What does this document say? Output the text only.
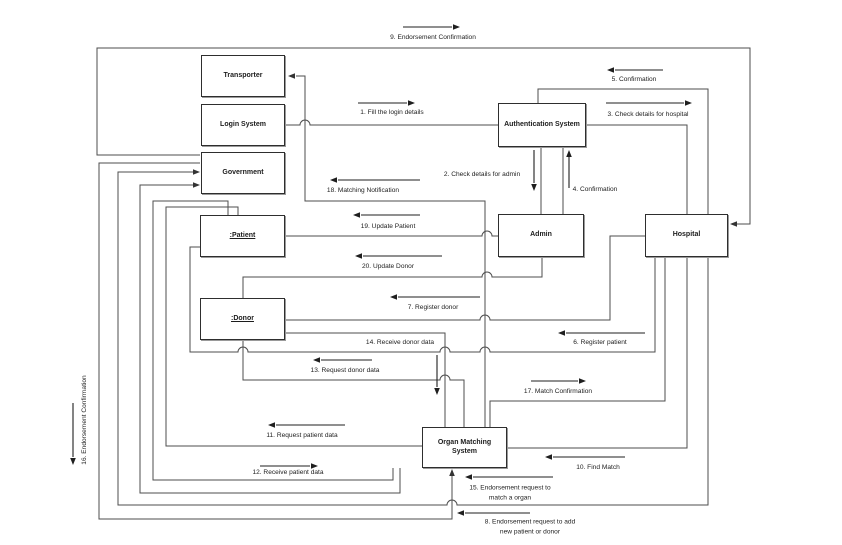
Transporter
Login System
Government
:Patient
:Donor
Authentication System
Admin	Hospital
Organ Matching System
1. Fill the login details
2. Check details for admin
3. Check details for hospital
4. Confirmation
5. Confirmation
6. Register patient
7. Register donor
8. Endorsement request to add
new patient or donor
9. Endorsement Confirmation
10. Find Match
11. Request patient data
12. Receive patient data
13. Request donor data
14. Receive donor data
15. Endorsement request to
match a organ
16. Endorsement Confirmation	17. Match Confirmation
18. Matching Notification
19. Update Patient
20. Update Donor
